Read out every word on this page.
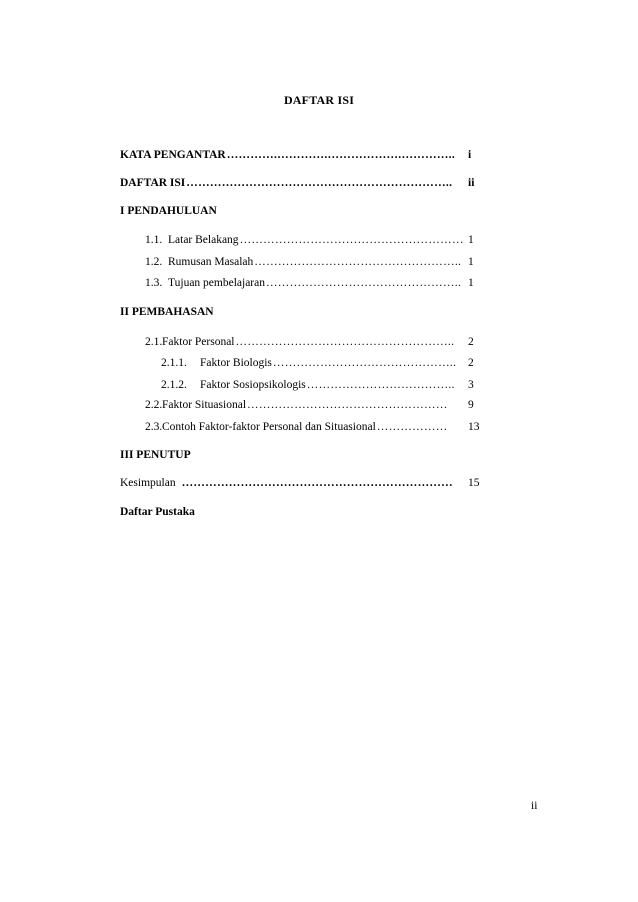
DAFTAR ISI
KATA PENGANTAR ………….………….……………….…………..	i
DAFTAR ISI …………………………………………………………..	ii
I PENDAHULUAN
1.1. Latar Belakang ………………………………………………… 1
1.2. Rumusan Masalah …………………………………………….. 1
1.3. Tujuan pembelajaran ………………………………………….. 1
II PEMBAHASAN
2.1.Faktor Personal ………………………………………………..	2
2.1.1. Faktor Biologis ………………………………………..	2
2.1.2. Faktor Sosiopsikologis ………………………………..	3
2.2.Faktor Situasional ……………………………………………	9
2.3.Contoh Faktor-faktor Personal dan Situasional ………………	13
III PENUTUP
Kesimpulan ……………………………………………………………	15
Daftar Pustaka
ii
